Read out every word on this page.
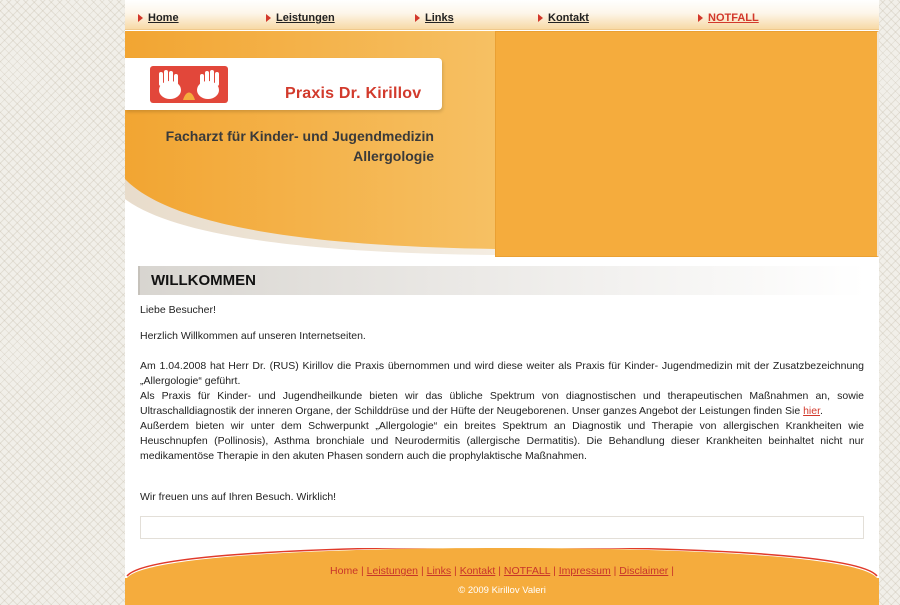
Home	Leistungen	Links	Kontakt	NOTFALL
Praxis Dr. Kirillov
Facharzt für Kinder- und Jugendmedizin
Allergologie
WILLKOMMEN

Liebe Besucher!

Herzlich Willkommen auf unseren Internetseiten.

Am 1.04.2008 hat Herr Dr. (RUS) Kirillov die Praxis übernommen und wird diese weiter als Praxis für Kinder- Jugendmedizin mit der Zusatzbezeichnung „Allergologie“ geführt.

Als Praxis für Kinder- und Jugendheilkunde bieten wir das übliche Spektrum von diagnostischen und therapeutischen Maßnahmen an, sowie Ultraschalldiagnostik der inneren Organe, der Schilddrüse und der Hüfte der Neugeborenen. Unser ganzes Angebot der Leistungen finden Sie hier.

Außerdem bieten wir unter dem Schwerpunkt „Allergologie“ ein breites Spektrum an Diagnostik und Therapie von allergischen Krankheiten wie Heuschnupfen (Pollinosis), Asthma bronchiale und Neurodermitis (allergische Dermatitis). Die Behandlung dieser Krankheiten beinhaltet nicht nur medikamentöse Therapie in den akuten Phasen sondern auch die prophylaktische Maßnahmen.

Wir freuen uns auf Ihren Besuch. Wirklich!

Home | Leistungen | Links | Kontakt | NOTFALL | Impressum | Disclaimer |
© 2009 Kirillov Valeri
